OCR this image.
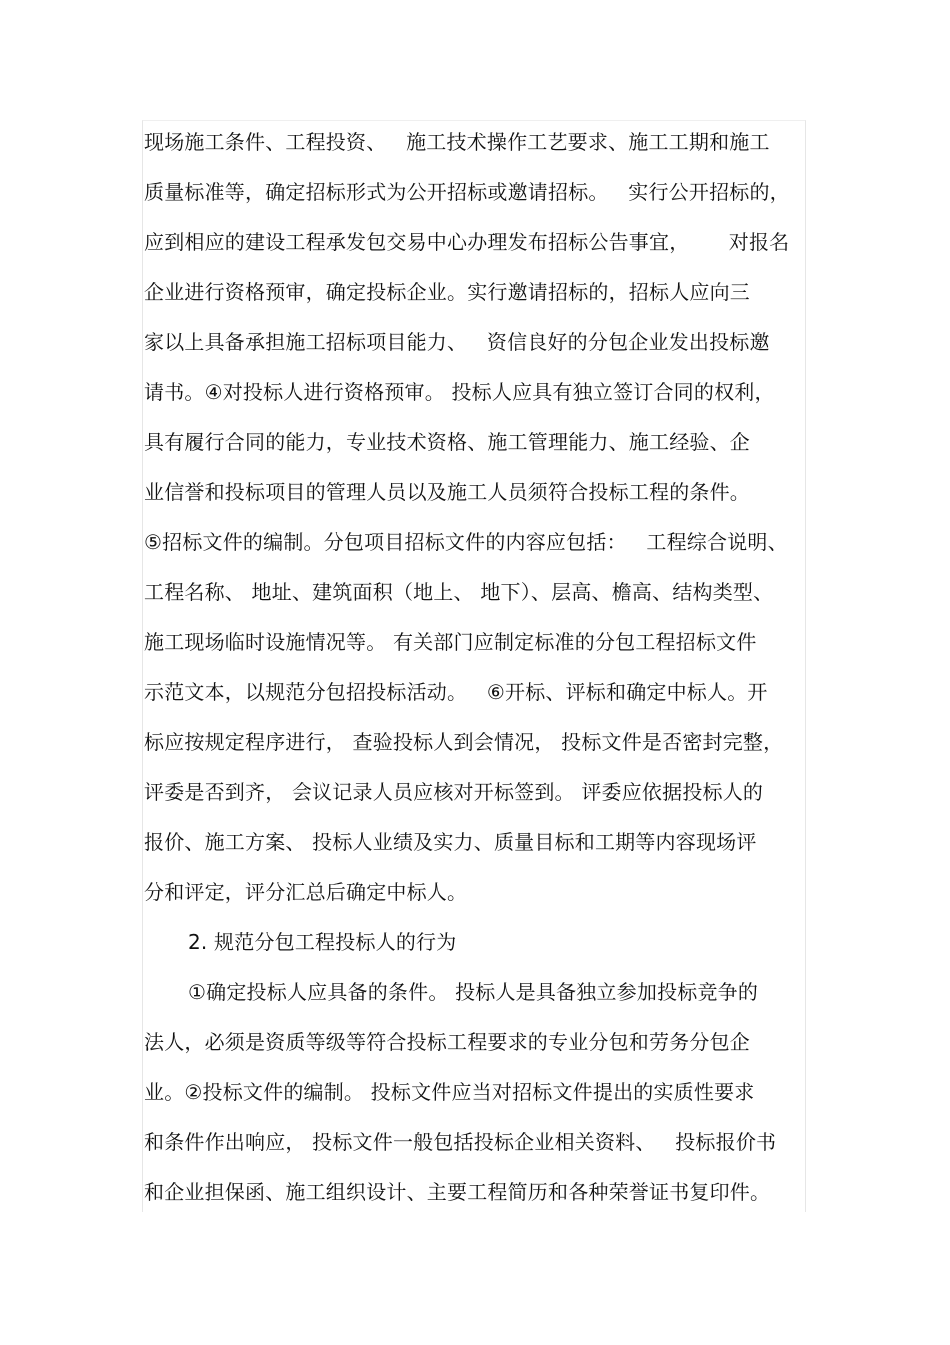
现场施工条件、工程投资、   施工技术操作工艺要求、施工工期和施工
质量标准等，确定招标形式为公开招标或邀请招标。   实行公开招标的，
应到相应的建设工程承发包交易中心办理发布招标公告事宜，      对报名
企业进行资格预审，确定投标企业。实行邀请招标的，招标人应向三
家以上具备承担施工招标项目能力、   资信良好的分包企业发出投标邀
请书。④对投标人进行资格预审。 投标人应具有独立签订合同的权利，
具有履行合同的能力，专业技术资格、施工管理能力、施工经验、企
业信誉和投标项目的管理人员以及施工人员须符合投标工程的条件。
⑤招标文件的编制。分包项目招标文件的内容应包括：   工程综合说明、
工程名称、 地址、建筑面积（地上、 地下）、层高、檐高、结构类型、
施工现场临时设施情况等。 有关部门应制定标准的分包工程招标文件
示范文本，以规范分包招投标活动。   ⑥开标、评标和确定中标人。开
标应按规定程序进行， 查验投标人到会情况， 投标文件是否密封完整，
评委是否到齐， 会议记录人员应核对开标签到。 评委应依据投标人的
报价、施工方案、 投标人业绩及实力、质量目标和工期等内容现场评
分和评定，评分汇总后确定中标人。
2. 规范分包工程投标人的行为
①确定投标人应具备的条件。 投标人是具备独立参加投标竞争的
法人，必须是资质等级等符合投标工程要求的专业分包和劳务分包企
业。②投标文件的编制。 投标文件应当对招标文件提出的实质性要求
和条件作出响应， 投标文件一般包括投标企业相关资料、   投标报价书
和企业担保函、施工组织设计、主要工程简历和各种荣誉证书复印件。
